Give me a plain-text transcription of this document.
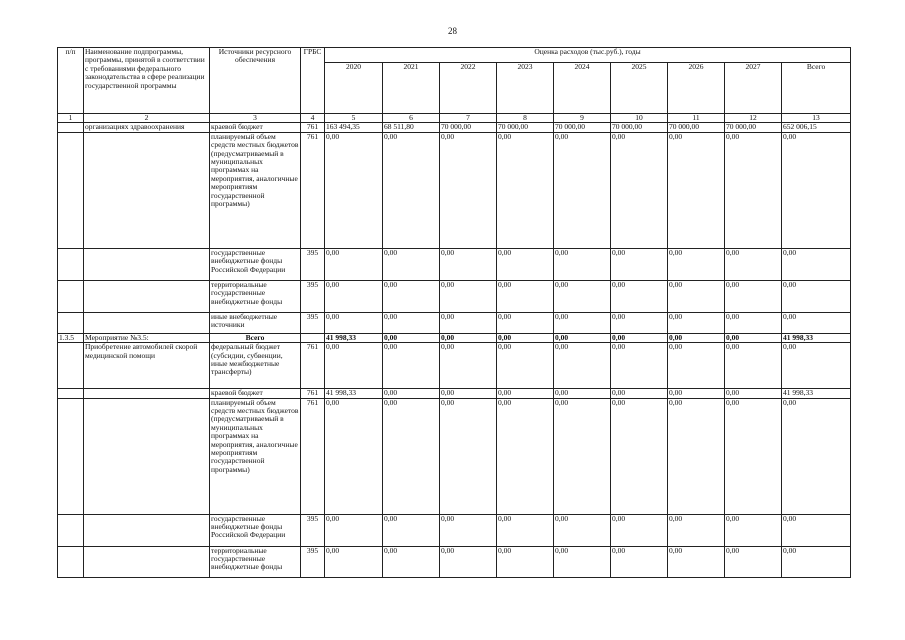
28
п/п	Наименование подпрограммы, программы, принятой в соответствии с требованиями федерального законодательства в сфере реализации государственной программы	Источники ресурсного обеспечения	ГРБС	Оценка расходов (тыс.руб.), годы								
				2020	2021	2022	2023	2024	2025	2026	2027	Всего
1	2	3	4	5	6	7	8	9	10	11	12	13
	организациях здравоохранения	краевой бюджет	761	163 494,35	68 511,80	70 000,00	70 000,00	70 000,00	70 000,00	70 000,00	70 000,00	652 006,15
		планируемый объем средств местных бюджетов (предусматриваемый в муниципальных программах на мероприятия, аналогичные мероприятиям государственной программы)	761	0,00	0,00	0,00	0,00	0,00	0,00	0,00	0,00	0,00
		государственные внебюджетные фонды Российской Федерации	395	0,00	0,00	0,00	0,00	0,00	0,00	0,00	0,00	0,00
		территориальные государственные внебюджетные фонды	395	0,00	0,00	0,00	0,00	0,00	0,00	0,00	0,00	0,00
		иные внебюджетные источники	395	0,00	0,00	0,00	0,00	0,00	0,00	0,00	0,00	0,00
1.3.5	Мероприятие №3.5:	Всего		41 998,33	0,00	0,00	0,00	0,00	0,00	0,00	0,00	41 998,33
	Приобретение автомобилей скорой медицинской помощи	федеральный бюджет (субсидии, субвенции, иные межбюджетные трансферты)	761	0,00	0,00	0,00	0,00	0,00	0,00	0,00	0,00	0,00
		краевой бюджет	761	41 998,33	0,00	0,00	0,00	0,00	0,00	0,00	0,00	41 998,33
		планируемый объем средств местных бюджетов (предусматриваемый в муниципальных программах на мероприятия, аналогичные мероприятиям государственной программы)	761	0,00	0,00	0,00	0,00	0,00	0,00	0,00	0,00	0,00
		государственные внебюджетные фонды Российской Федерации	395	0,00	0,00	0,00	0,00	0,00	0,00	0,00	0,00	0,00
		территориальные государственные внебюджетные фонды	395	0,00	0,00	0,00	0,00	0,00	0,00	0,00	0,00	0,00
